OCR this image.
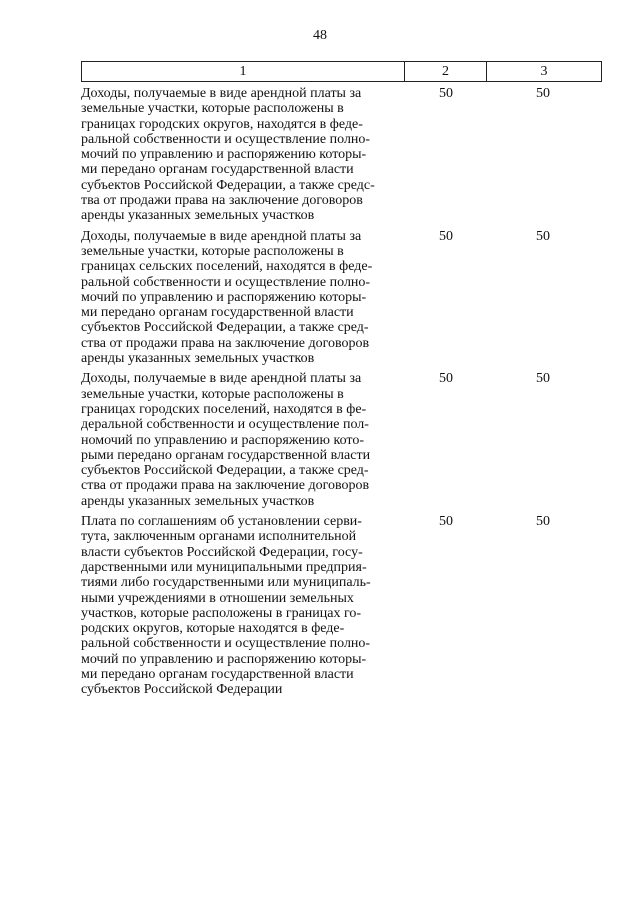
48
1	2	3
Доходы, получаемые в виде арендной платы за
земельные участки, которые расположены в
границах городских округов, находятся в феде-
ральной собственности и осуществление полно-
мочий по управлению и распоряжению которы-
ми передано органам государственной власти
субъектов Российской Федерации, а также средс-
тва от продажи права на заключение договоров
аренды указанных земельных участков
50	50
Доходы, получаемые в виде арендной платы за
земельные участки, которые расположены в
границах сельских поселений, находятся в феде-
ральной собственности и осуществление полно-
мочий по управлению и распоряжению которы-
ми передано органам государственной власти
субъектов Российской Федерации, а также сред-
ства от продажи права на заключение договоров
аренды указанных земельных участков
50	50
Доходы, получаемые в виде арендной платы за
земельные участки, которые расположены в
границах городских поселений, находятся в фе-
деральной собственности и осуществление пол-
номочий по управлению и распоряжению кото-
рыми передано органам государственной власти
субъектов Российской Федерации, а также сред-
ства от продажи права на заключение договоров
аренды указанных земельных участков
50	50
Плата по соглашениям об установлении серви-
тута, заключенным органами исполнительной
власти субъектов Российской Федерации, госу-
дарственными или муниципальными предприя-
тиями либо государственными или муниципаль-
ными учреждениями в отношении земельных
участков, которые расположены в границах го-
родских округов, которые находятся в феде-
ральной собственности и осуществление полно-
мочий по управлению и распоряжению которы-
ми передано органам государственной власти
субъектов Российской Федерации
50	50
